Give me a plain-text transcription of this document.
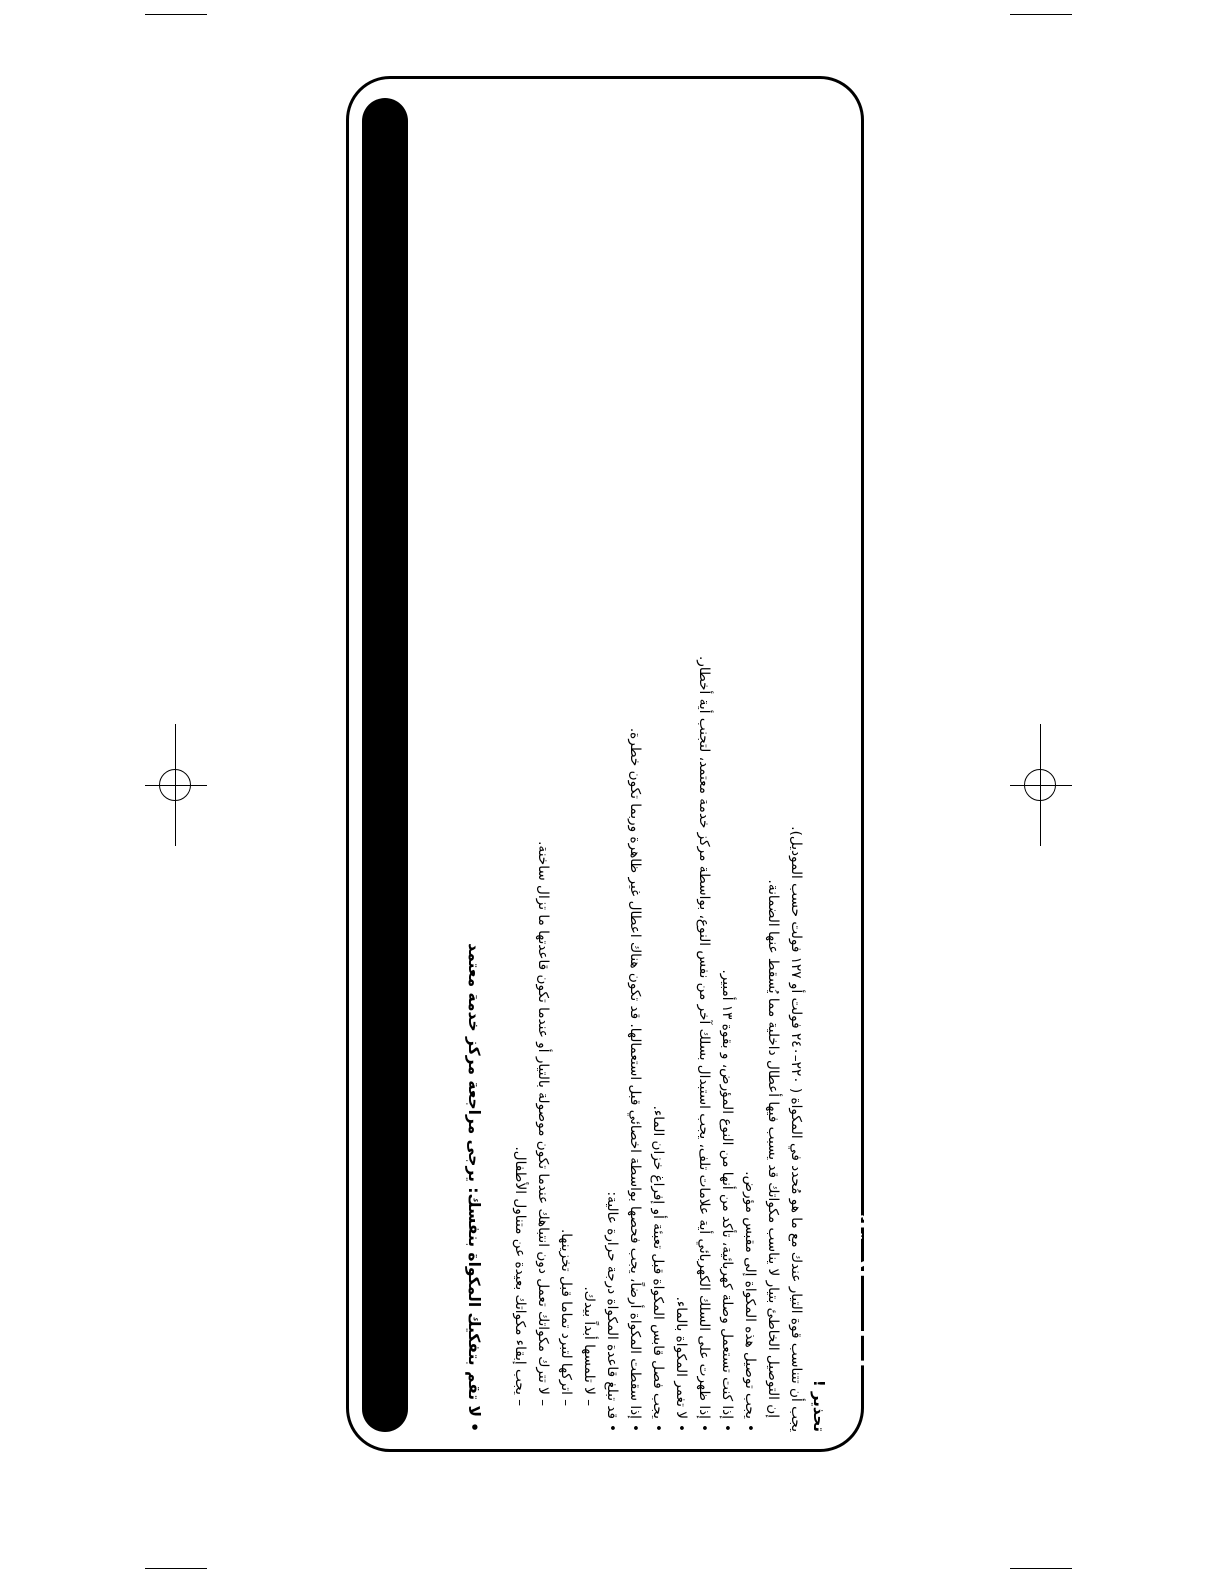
من أجل سلامتك
تحذير !
يجب أن تتناسب قوة التيار عندك مع ما هو مُحدد في المكواة ( ٢٢٠–٢٤٠ فولت أو ١٢٧ فولت حسب الموديل).
إن التوصيل الخاطئ بتيار لا يناسب مكواتك قد يسبب فيها أعطال داخلية مما يُسقط عنها الضمانة.
•يجب توصيل هذه المكواة إلى مقبس مؤرض.
•إذا كنت تستعمل وصلة كهربائية، تأكد من أنها من النوع المؤرض، و بقوة ١٣ أمبير.
•إذا ظهرت على السلك الكهربائي أية علامات تلف، يجب استبدال بسلك آخر من نفس النوع، بواسطة مركز خدمة معتمد، لتجنب أية أخطار.
•لا تغمر المكواة بالماء.
•يجب فصل قابس المكواة قبل تعبئة أو إفراغ خزان الماء.
•إذا سقطت المكواة أرضاً، يجب فحصها بواسطة اخصائي قبل استعمالها. قد تكون هناك اعطال غير ظاهرة وربما تكون خطرة.
•قد تبلغ قاعدة المكواة درجة حرارة عالية:
– لا تلمسها أبداً بيدك.
– اتركها لتبرد تماما قبل تخزينها.
– لا تترك مكواتك تعمل دون انتباهك عندما تكون موصولة بالتيار أو عندما تكون قاعدتها ما تزال ساخنة.
– يجب إبقاء مكواتك بعيدة عن متناول الأطفال.
•لا تقم بتفكيك المكواة بنفسك: يرجى مراجعة مركز خدمة معتمد
